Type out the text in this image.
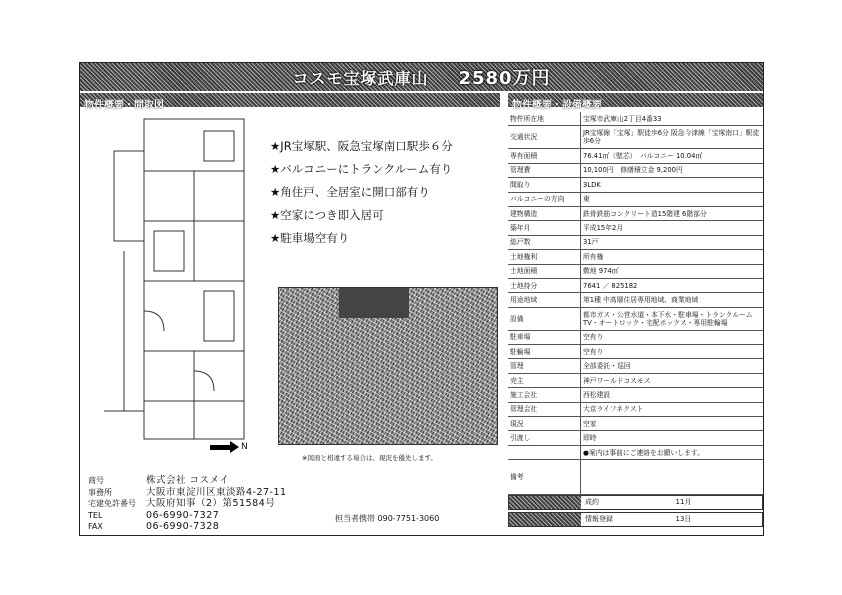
コスモ宝塚武庫山 2580万円
物件概要・間取図	物件概要・設備概要
N
★JR宝塚駅、阪急宝塚南口駅歩６分
★バルコニーにトランクルーム有り
★角住戸、全居室に開口部有り
★空家につき即入居可
★駐車場空有り
※図面と相違する場合は、現況を優先します。
物件所在地	宝塚市武庫山2丁目4番33
交通状況	JR宝塚線「宝塚」駅徒歩6分 阪急今津線「宝塚南口」駅徒歩6分
専有面積	76.41㎡（壁芯）　バルコニー 10.04㎡
管理費	10,100円　修繕積立金 9,200円
間取り	3LDK
バルコニーの方向	東
建物構造	鉄骨鉄筋コンクリート造15階建 6階部分
築年月	平成15年2月
総戸数	31戸
土地権利	所有権
土地面積	敷地 974㎡
土地持分	7641 ／ 825182
用途地域	第1種 中高層住居専用地域、商業地域
設備	都市ガス・公営水道・本下水・駐車場・トランクルーム TV・オートロック・宅配ボックス・専用駐輪場
駐車場	空有り
駐輪場	空有り
管理	全部委託・巡回
売主	神戸ワールドコスモス
施工会社	西松建設
管理会社	大京ライフネクスト
現況	空家
引渡し	即時
	●案内は事前にご連絡をお願いします。
備考	
商号	株式会社 コスメイ
事務所	大阪市東淀川区東淡路4-27-11
宅建免許番号	大阪府知事（2）第51584号
TEL	06-6990-7327
FAX	06-6990-7328
担当者携帯 090-7751-3060
成約	11月
情報登録	13日
